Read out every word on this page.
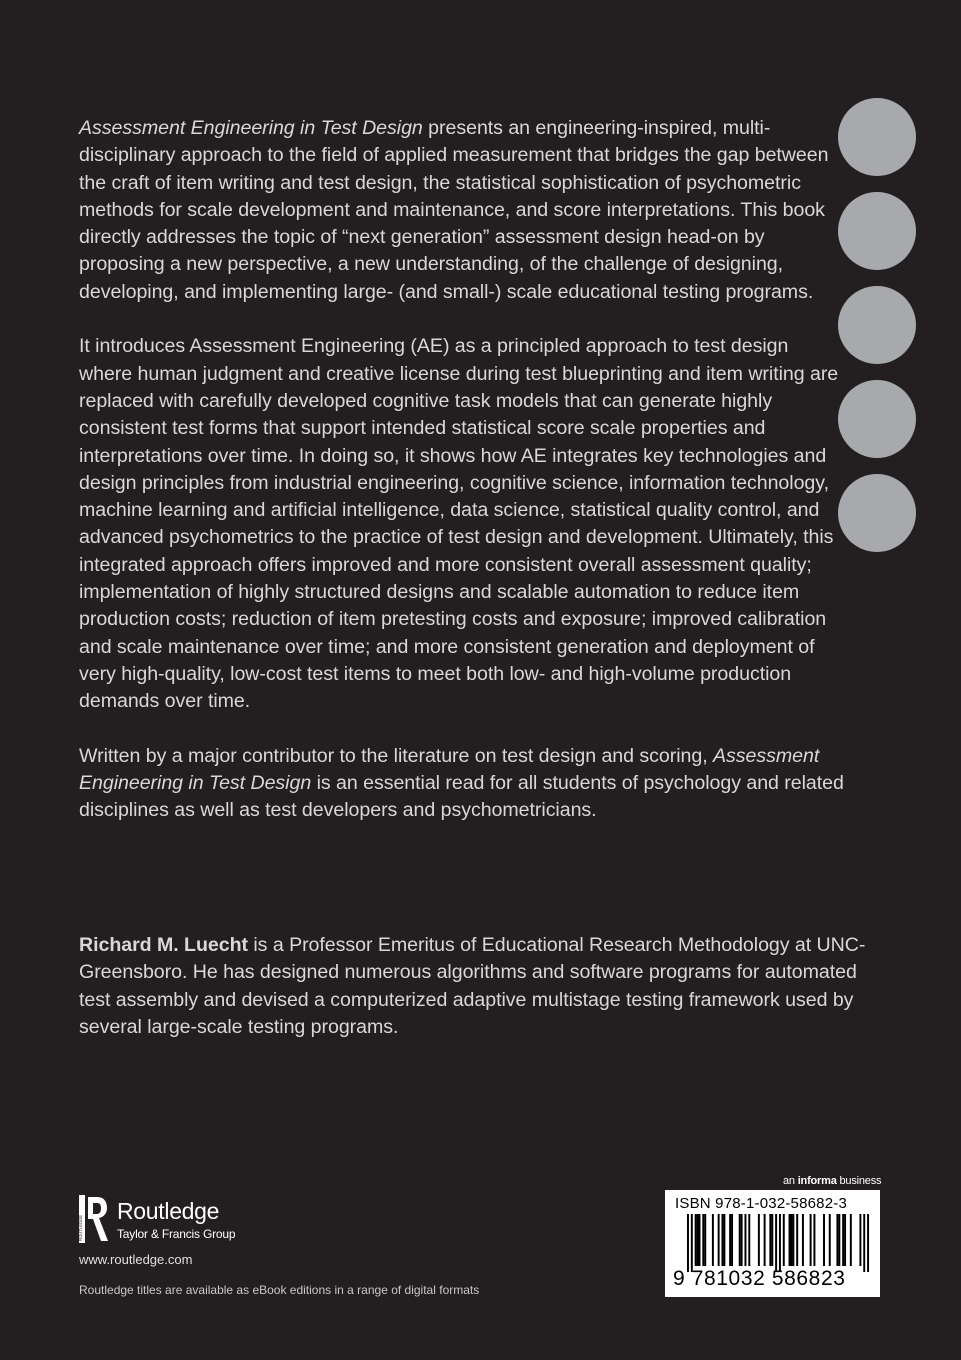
Assessment Engineering in Test Design presents an engineering-inspired, multi-disciplinary approach to the field of applied measurement that bridges the gap between the craft of item writing and test design, the statistical sophistication of psychometric methods for scale development and maintenance, and score interpretations. This book directly addresses the topic of “next generation” assessment design head-on by proposing a new perspective, a new understanding, of the challenge of designing, developing, and implementing large- (and small-) scale educational testing programs.

It introduces Assessment Engineering (AE) as a principled approach to test design where human judgment and creative license during test blueprinting and item writing are replaced with carefully developed cognitive task models that can generate highly consistent test forms that support intended statistical score scale properties and interpretations over time. In doing so, it shows how AE integrates key technologies and design principles from industrial engineering, cognitive science, information technology, machine learning and artificial intelligence, data science, statistical quality control, and advanced psychometrics to the practice of test design and development. Ultimately, this integrated approach offers improved and more consistent overall assessment quality; implementation of highly structured designs and scalable automation to reduce item production costs; reduction of item pretesting costs and exposure; improved calibration and scale maintenance over time; and more consistent generation and deployment of very high-quality, low-cost test items to meet both low- and high-volume production demands over time.

Written by a major contributor to the literature on test design and scoring, Assessment Engineering in Test Design is an essential read for all students of psychology and related disciplines as well as test developers and psychometricians.

Richard M. Luecht is a Professor Emeritus of Educational Research Methodology at UNC-Greensboro. He has designed numerous algorithms and software programs for automated test assembly and devised a computerized adaptive multistage testing framework used by several large-scale testing programs.

ROUTLEDGE
Routledge
Taylor & Francis Group
www.routledge.com
Routledge titles are available as eBook editions in a range of digital formats
an informa business
ISBN 978-1-032-58682-3
9 781032 586823
